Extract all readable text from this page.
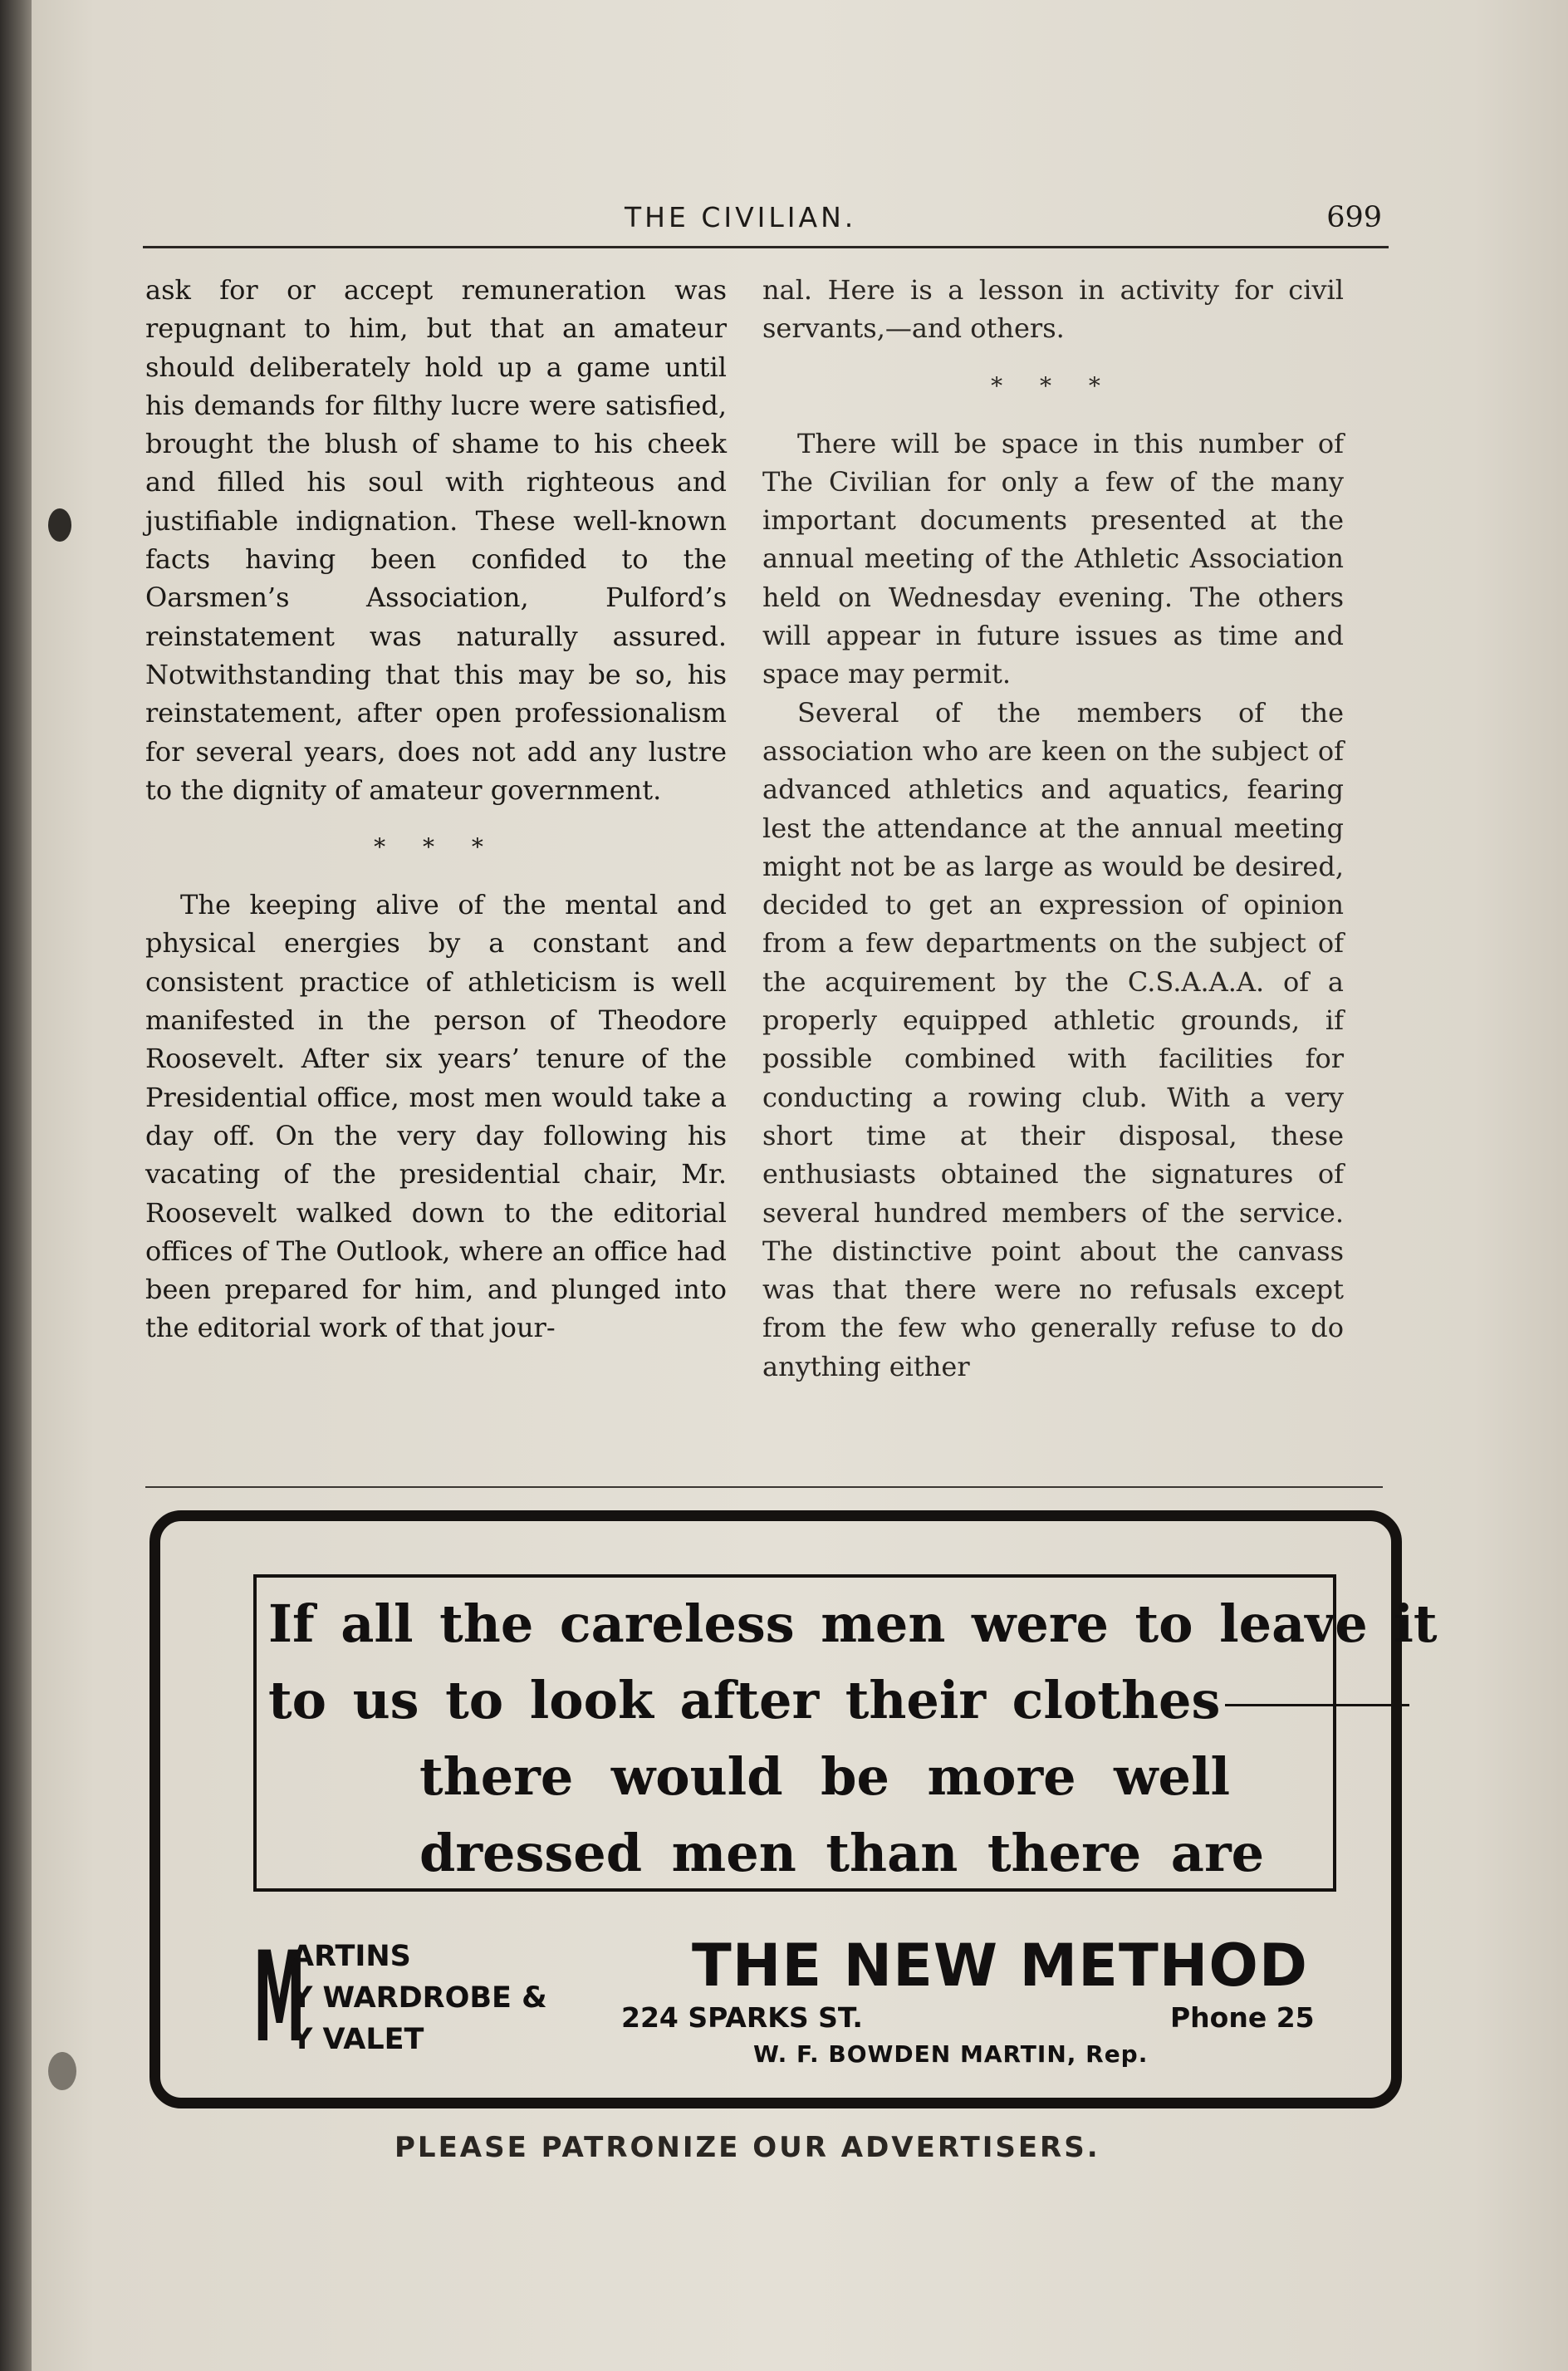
THE CIVILIAN.	699

ask for or accept remuneration was repugnant to him, but that an amateur should deliberately hold up a game until his demands for filthy lucre were satisfied, brought the blush of shame to his cheek and filled his soul with righteous and justifiable indignation. These well-known facts having been confided to the Oarsmen’s Association, Pulford’s reinstatement was naturally assured. Notwithstanding that this may be so, his reinstatement, after open professionalism for several years, does not add any lustre to the dignity of amateur government.

* * *

The keeping alive of the mental and physical energies by a constant and consistent practice of athleticism is well manifested in the person of Theodore Roosevelt. After six years’ tenure of the Presidential office, most men would take a day off. On the very day following his vacating of the presidential chair, Mr. Roosevelt walked down to the editorial offices of The Outlook, where an office had been prepared for him, and plunged into the editorial work of that jour-

nal. Here is a lesson in activity for civil servants,—and others.

* * *

There will be space in this number of The Civilian for only a few of the many important documents presented at the annual meeting of the Athletic Association held on Wednesday evening. The others will appear in future issues as time and space may permit.

Several of the members of the association who are keen on the subject of advanced athletics and aquatics, fearing lest the attendance at the annual meeting might not be as large as would be desired, decided to get an expression of opinion from a few departments on the subject of the acquirement by the C.S.A.A.A. of a properly equipped athletic grounds, if possible combined with facilities for conducting a rowing club. With a very short time at their disposal, these enthusiasts obtained the signatures of several hundred members of the service. The distinctive point about the canvass was that there were no refusals except from the few who generally refuse to do anything either

If all the careless men were to leave it
to us to look after their clothes
there would be more well
dressed men than there are
M
ARTINS
Y WARDROBE &
Y VALET
THE NEW METHOD
224 SPARKS ST.	Phone 25
W. F. BOWDEN MARTIN, Rep.
PLEASE PATRONIZE OUR ADVERTISERS.
